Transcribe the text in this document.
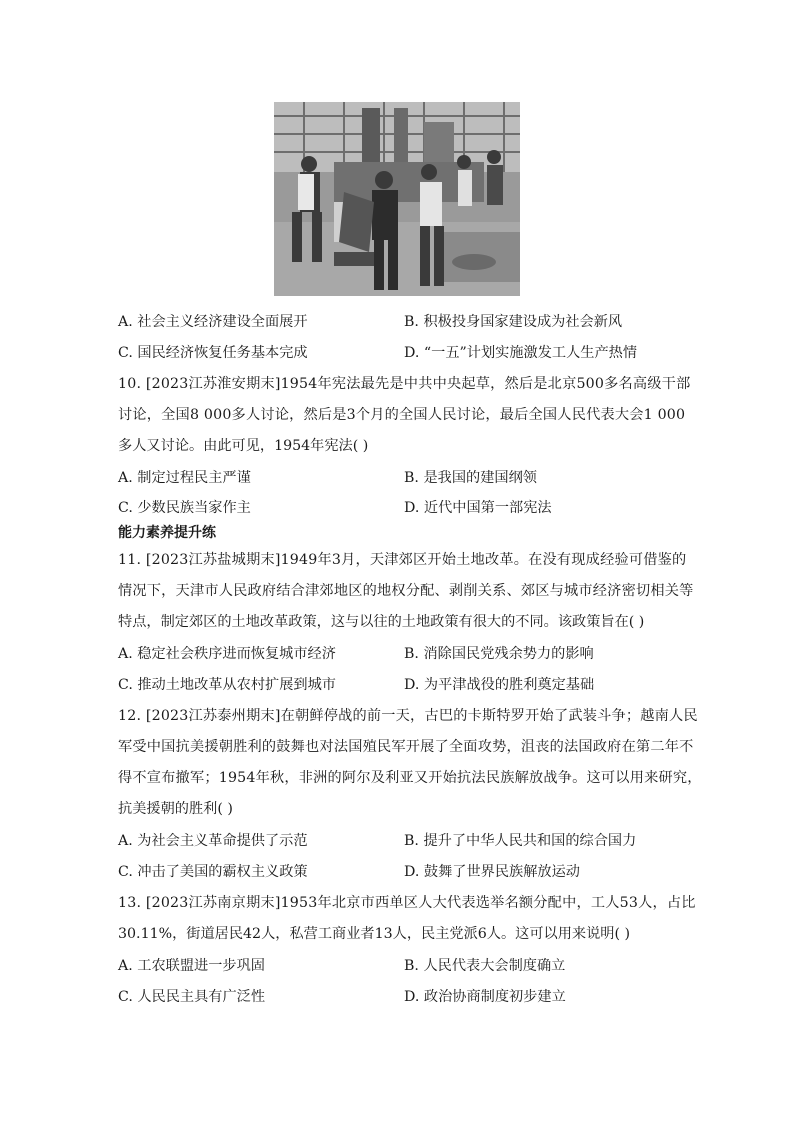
A. 社会主义经济建设全面展开	B. 积极投身国家建设成为社会新风
C. 国民经济恢复任务基本完成	D. “一五”计划实施激发工人生产热情
10. [2023江苏淮安期末]1954年宪法最先是中共中央起草，然后是北京500多名高级干部
讨论，全国8 000多人讨论，然后是3个月的全国人民讨论，最后全国人民代表大会1 000
多人又讨论。由此可见，1954年宪法( )
A. 制定过程民主严谨	B. 是我国的建国纲领
C. 少数民族当家作主	D. 近代中国第一部宪法
能力素养提升练
11. [2023江苏盐城期末]1949年3月，天津郊区开始土地改革。在没有现成经验可借鉴的
情况下，天津市人民政府结合津郊地区的地权分配、剥削关系、郊区与城市经济密切相关等
特点，制定郊区的土地改革政策，这与以往的土地政策有很大的不同。该政策旨在( )
A. 稳定社会秩序进而恢复城市经济	B. 消除国民党残余势力的影响
C. 推动土地改革从农村扩展到城市	D. 为平津战役的胜利奠定基础
12. [2023江苏泰州期末]在朝鲜停战的前一天，古巴的卡斯特罗开始了武装斗争；越南人民
军受中国抗美援朝胜利的鼓舞也对法国殖民军开展了全面攻势，沮丧的法国政府在第二年不
得不宣布撤军；1954年秋，非洲的阿尔及利亚又开始抗法民族解放战争。这可以用来研究，
抗美援朝的胜利( )
A. 为社会主义革命提供了示范	B. 提升了中华人民共和国的综合国力
C. 冲击了美国的霸权主义政策	D. 鼓舞了世界民族解放运动
13. [2023江苏南京期末]1953年北京市西单区人大代表选举名额分配中，工人53人，占比
30.11%，街道居民42人，私营工商业者13人，民主党派6人。这可以用来说明( )
A. 工农联盟进一步巩固	B. 人民代表大会制度确立
C. 人民民主具有广泛性	D. 政治协商制度初步建立
